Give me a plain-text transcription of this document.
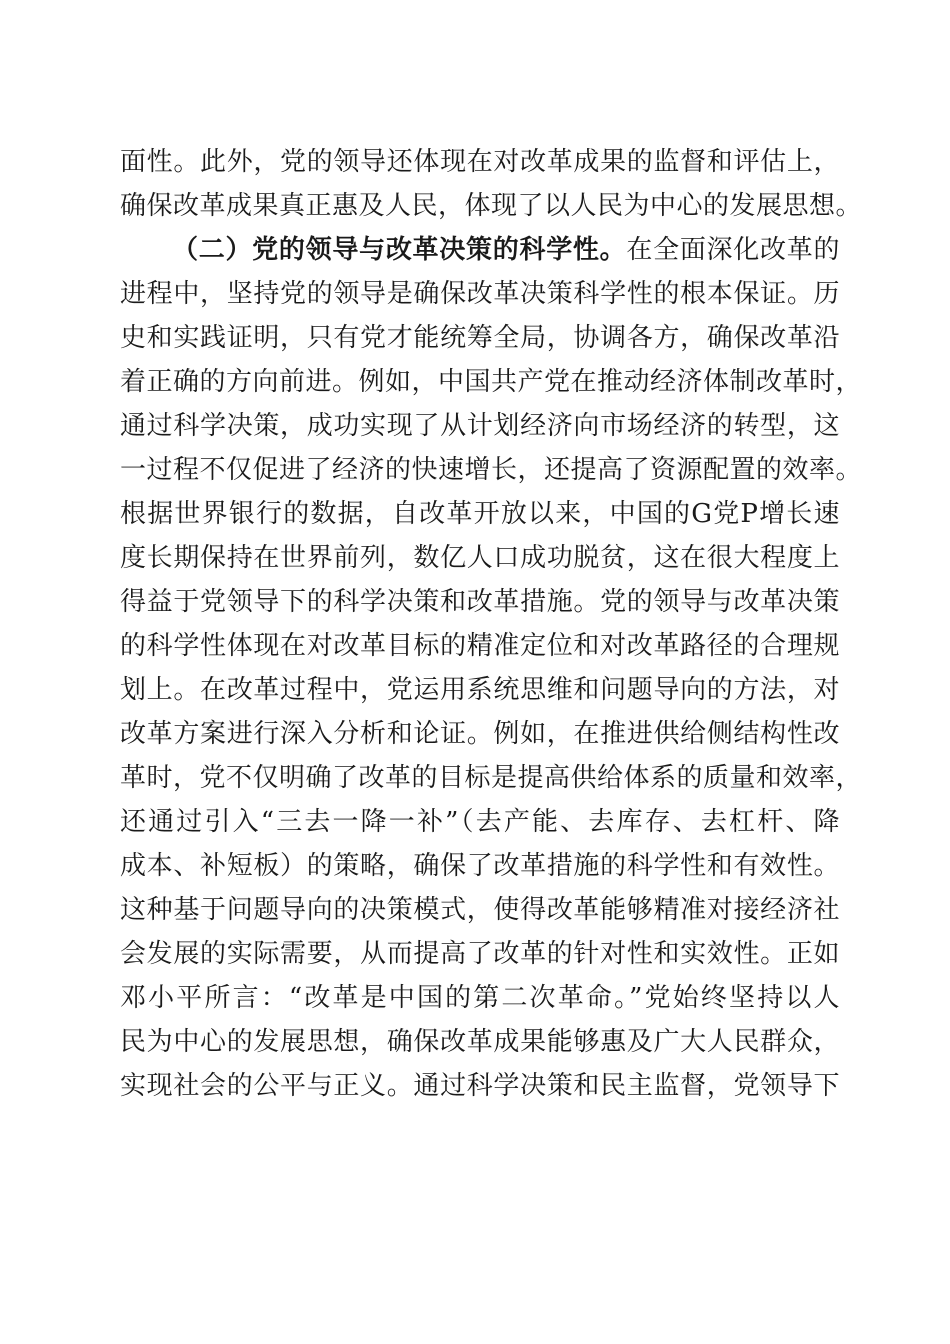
面性。此外，党的领导还体现在对改革成果的监督和评估上，
确保改革成果真正惠及人民，体现了以人民为中心的发展思想。
（二）党的领导与改革决策的科学性。在全面深化改革的
进程中，坚持党的领导是确保改革决策科学性的根本保证。历
史和实践证明，只有党才能统筹全局，协调各方，确保改革沿
着正确的方向前进。例如，中国共产党在推动经济体制改革时，
通过科学决策，成功实现了从计划经济向市场经济的转型，这
一过程不仅促进了经济的快速增长，还提高了资源配置的效率。
根据世界银行的数据，自改革开放以来，中国的G党P增长速
度长期保持在世界前列，数亿人口成功脱贫，这在很大程度上
得益于党领导下的科学决策和改革措施。党的领导与改革决策
的科学性体现在对改革目标的精准定位和对改革路径的合理规
划上。在改革过程中，党运用系统思维和问题导向的方法，对
改革方案进行深入分析和论证。例如，在推进供给侧结构性改
革时，党不仅明确了改革的目标是提高供给体系的质量和效率，
还通过引入“三去一降一补”（去产能、去库存、去杠杆、降
成本、补短板）的策略，确保了改革措施的科学性和有效性。
这种基于问题导向的决策模式，使得改革能够精准对接经济社
会发展的实际需要，从而提高了改革的针对性和实效性。正如
邓小平所言：“改革是中国的第二次革命。”党始终坚持以人
民为中心的发展思想，确保改革成果能够惠及广大人民群众，
实现社会的公平与正义。通过科学决策和民主监督，党领导下
